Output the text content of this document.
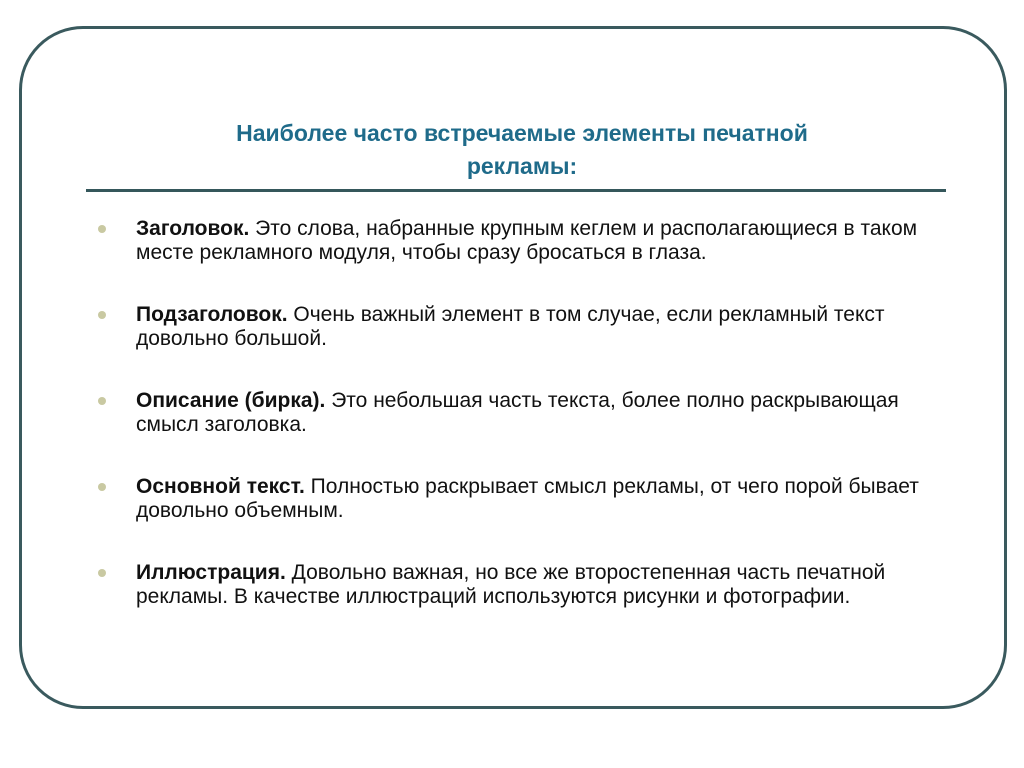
Наиболее часто встречаемые элементы печатной
рекламы:
Заголовок. Это слова, набранные крупным кеглем и располагающиеся в таком месте рекламного модуля, чтобы сразу бросаться в глаза.
Подзаголовок. Очень важный элемент в том случае, если рекламный текст довольно большой.
Описание (бирка). Это небольшая часть текста, более полно раскрывающая смысл заголовка.
Основной текст. Полностью раскрывает смысл рекламы, от чего порой бывает довольно объемным.
Иллюстрация. Довольно важная, но все же второстепенная часть печатной рекламы. В качестве иллюстраций используются рисунки и фотографии.
